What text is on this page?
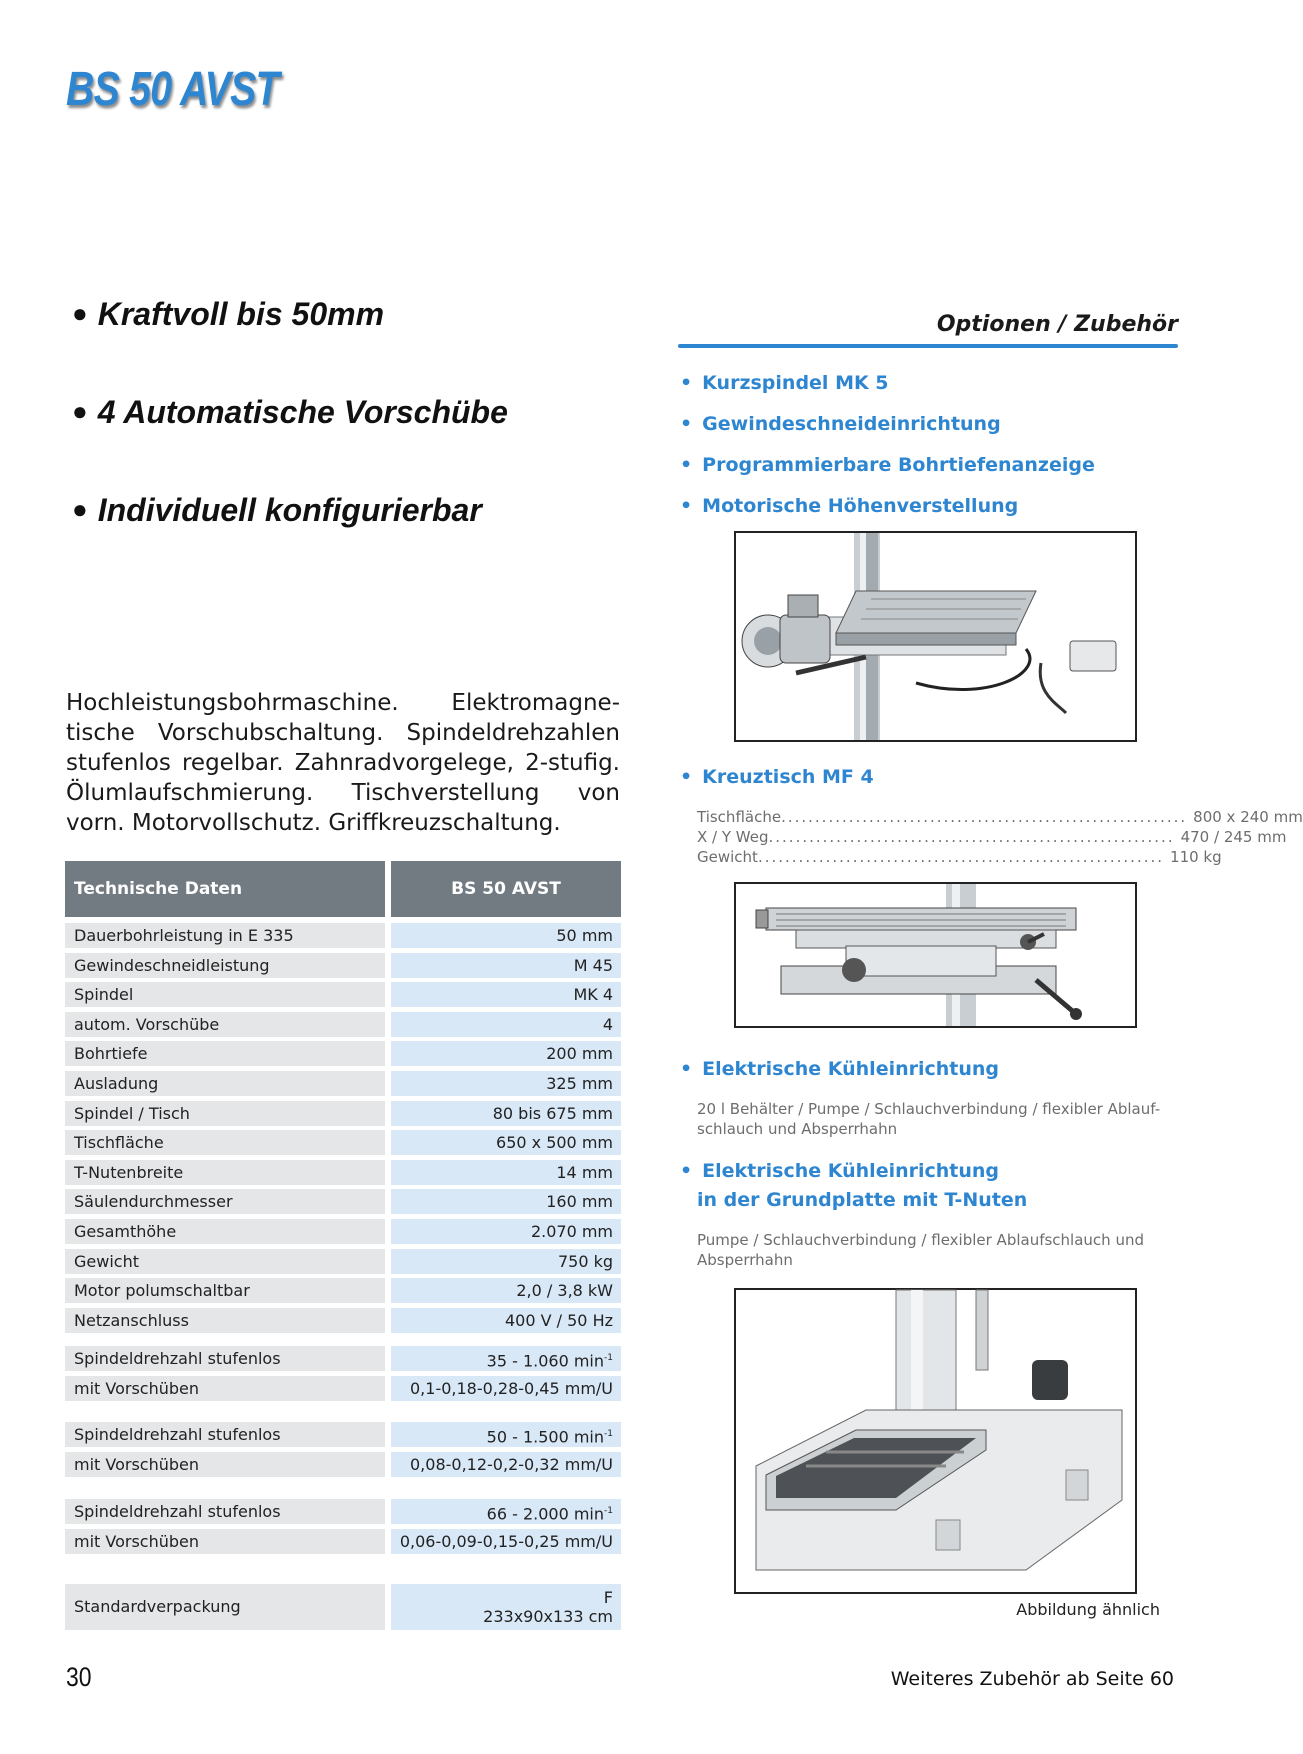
BS 50 AVST
● Kraftvoll bis 50mm
● 4 Automatische Vorschübe
● Individuell konfigurierbar

Hochleistungsbohrmaschine. Elektromagnetische Vorschubschaltung. Spindeldrehzahlen stufenlos regelbar. Zahnradvorgelege, 2-stufig. Ölumlaufschmierung. Tischverstellung von vorn. Motorvollschutz. Griffkreuzschaltung.

Technische Daten	BS 50 AVST
Dauerbohrleistung in E 335	50 mm
Gewindeschneidleistung	M 45
Spindel	MK 4
autom. Vorschübe	4
Bohrtiefe	200 mm
Ausladung	325 mm
Spindel / Tisch	80 bis 675 mm
Tischfläche	650 x 500 mm
T-Nutenbreite	14 mm
Säulendurchmesser	160 mm
Gesamthöhe	2.070 mm
Gewicht	750 kg
Motor polumschaltbar	2,0 / 3,8 kW
Netzanschluss	400 V / 50 Hz
Spindeldrehzahl stufenlos	35 - 1.060 $\min^{-1}$
mit Vorschüben	0,1-0,18-0,28-0,45 mm/U
Spindeldrehzahl stufenlos	50 - 1.500 $\min^{-1}$
mit Vorschüben	0,08-0,12-0,2-0,32 mm/U
Spindeldrehzahl stufenlos	66 - 2.000 $\min^{-1}$
mit Vorschüben	0,06-0,09-0,15-0,25 mm/U
Standardverpackung	F
233x90x133 cm
Optionen / Zubehör
• Kurzspindel MK 5
• Gewindeschneideinrichtung
• Programmierbare Bohrtiefenanzeige
• Motorische Höhenverstellung
• Kreuztisch MF 4
Tischfläche ............................................................ 800 x 240 mm
X / Y Weg ............................................................ 470 / 245 mm
Gewicht ............................................................ 110 kg
• Elektrische Kühleinrichtung
20 l Behälter / Pumpe / Schlauchverbindung / flexibler Ablauf-schlauch und Absperrhahn
• Elektrische Kühleinrichtung
in der Grundplatte mit T-Nuten
Pumpe / Schlauchverbindung / flexibler Ablaufschlauch und Absperrhahn
Abbildung ähnlich
30	Weiteres Zubehör ab Seite 60
